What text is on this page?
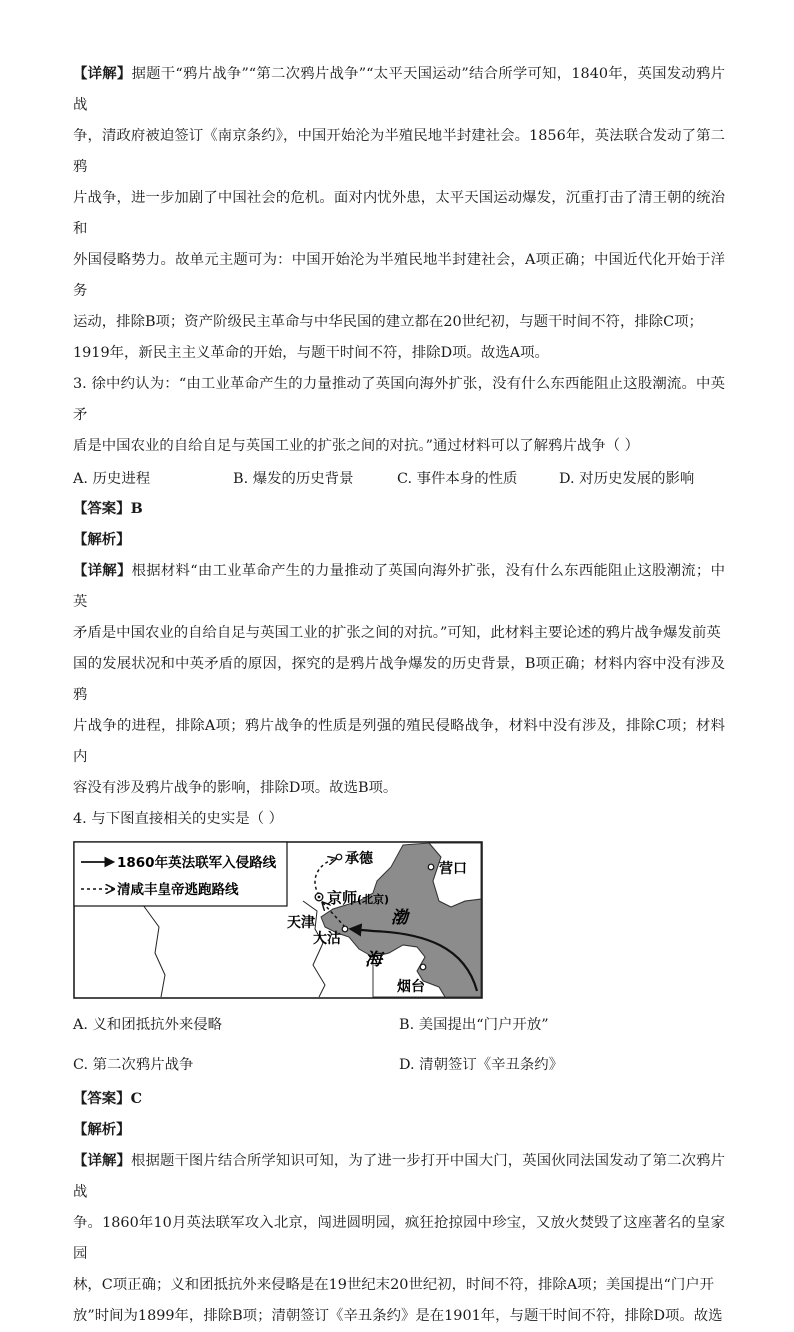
【详解】据题干“鸦片战争”“第二次鸦片战争”“太平天国运动”结合所学可知，1840年，英国发动鸦片战

争，清政府被迫签订《南京条约》，中国开始沦为半殖民地半封建社会。1856年，英法联合发动了第二鸦

片战争，进一步加剧了中国社会的危机。面对内忧外患，太平天国运动爆发，沉重打击了清王朝的统治和

外国侵略势力。故单元主题可为：中国开始沦为半殖民地半封建社会，A项正确；中国近代化开始于洋务

运动，排除B项；资产阶级民主革命与中华民国的建立都在20世纪初，与题干时间不符，排除C项；

1919年，新民主主义革命的开始，与题干时间不符，排除D项。故选A项。

3. 徐中约认为：“由工业革命产生的力量推动了英国向海外扩张，没有什么东西能阻止这股潮流。中英矛

盾是中国农业的自给自足与英国工业的扩张之间的对抗。”通过材料可以了解鸦片战争（ ）

A. 历史进程	B. 爆发的历史背景	C. 事件本身的性质	D. 对历史发展的影响

【答案】B

【解析】

【详解】根据材料“由工业革命产生的力量推动了英国向海外扩张，没有什么东西能阻止这股潮流；中英

矛盾是中国农业的自给自足与英国工业的扩张之间的对抗。”可知，此材料主要论述的鸦片战争爆发前英

国的发展状况和中英矛盾的原因，探究的是鸦片战争爆发的历史背景，B项正确；材料内容中没有涉及鸦

片战争的进程，排除A项；鸦片战争的性质是列强的殖民侵略战争，材料中没有涉及，排除C项；材料内

容没有涉及鸦片战争的影响，排除D项。故选B项。

4. 与下图直接相关的史实是（ ）

1860年英法联军入侵路线
清咸丰皇帝逃跑路线
承德
京师 (北京)
营口
渤
海
天津
大沽
烟台
A. 义和团抵抗外来侵略	B. 美国提出“门户开放”
C. 第二次鸦片战争	D. 清朝签订《辛丑条约》

【答案】C

【解析】

【详解】根据题干图片结合所学知识可知，为了进一步打开中国大门，英国伙同法国发动了第二次鸦片战

争。1860年10月英法联军攻入北京，闯进圆明园，疯狂抢掠园中珍宝，又放火焚毁了这座著名的皇家园

林，C项正确；义和团抵抗外来侵略是在19世纪末20世纪初，时间不符，排除A项；美国提出“门户开

放”时间为1899年，排除B项；清朝签订《辛丑条约》是在1901年，与题干时间不符，排除D项。故选
